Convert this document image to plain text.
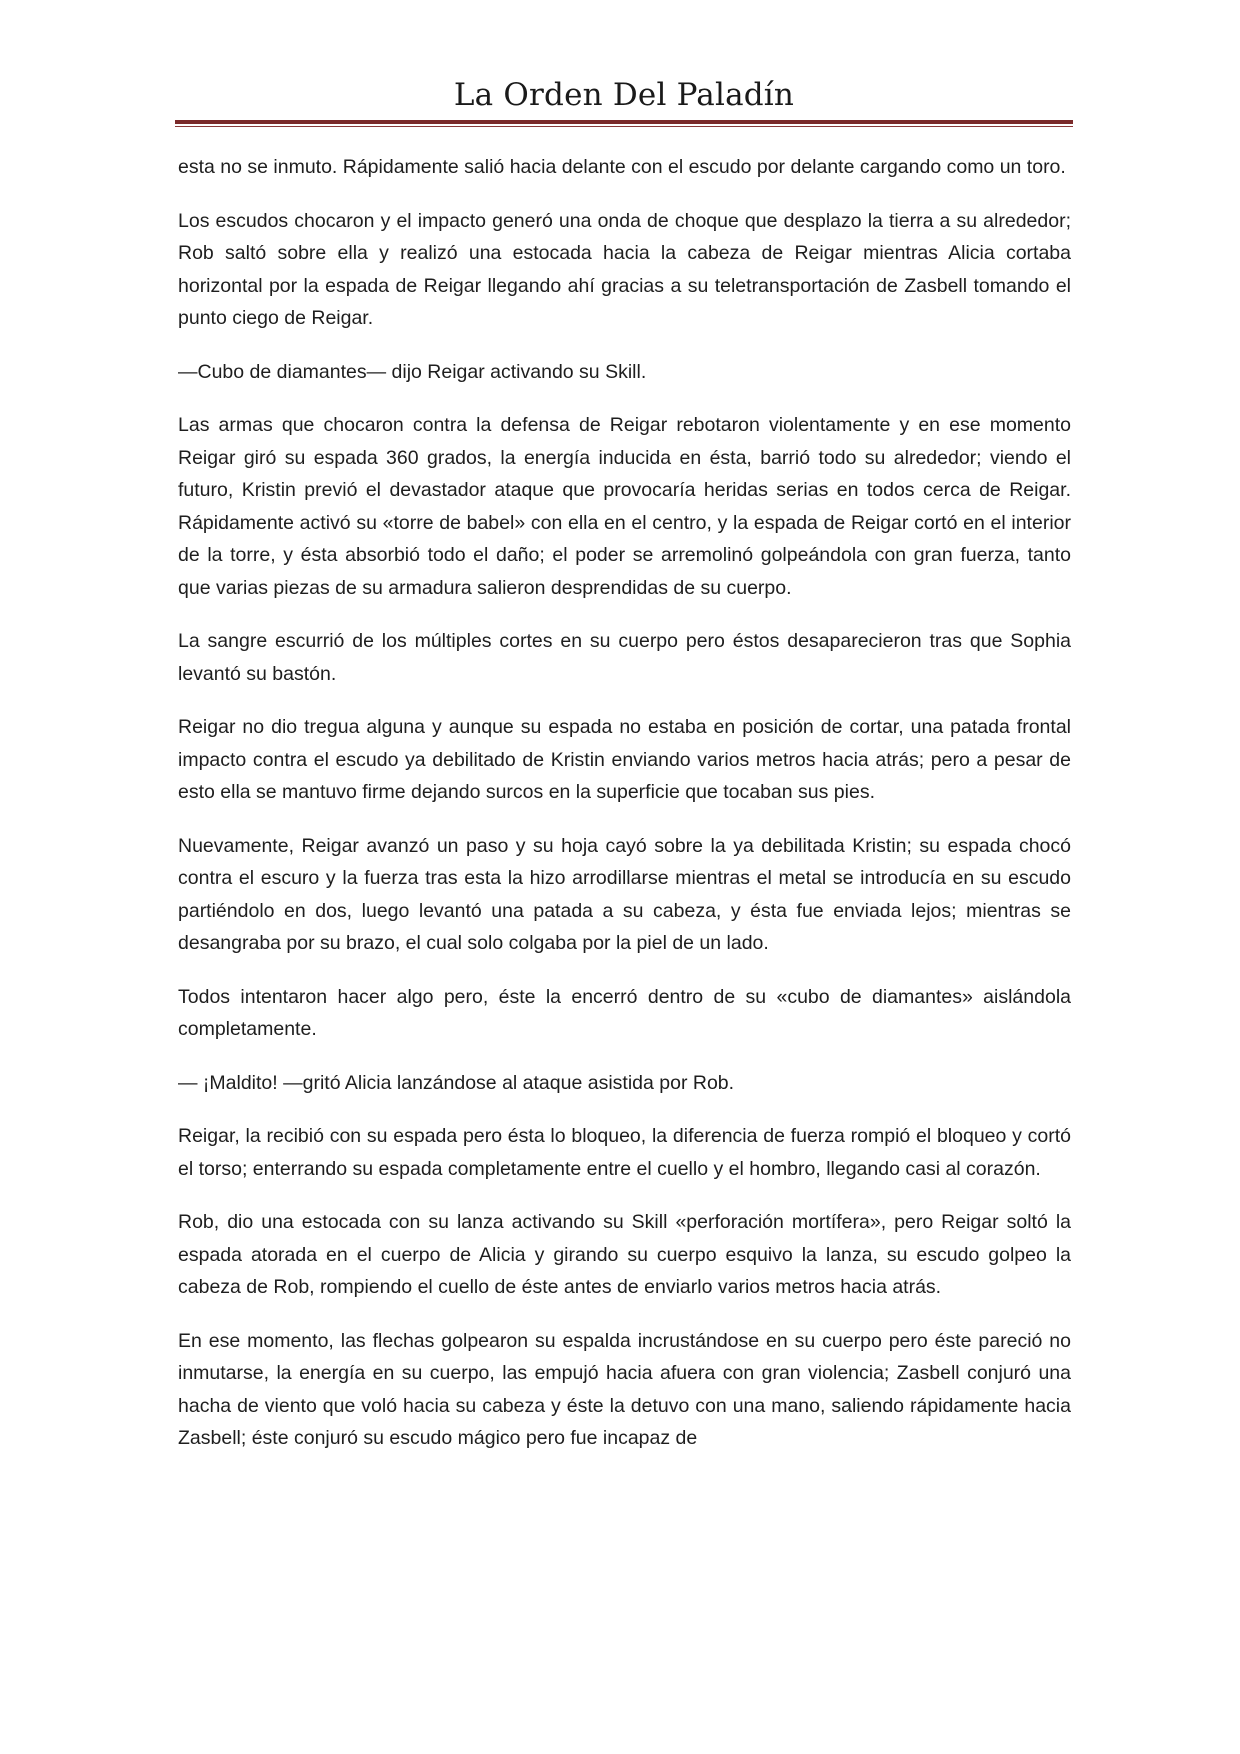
La Orden Del Paladín

esta no se inmuto. Rápidamente salió hacia delante con el escudo por delante cargando como un toro.

Los escudos chocaron y el impacto generó una onda de choque que desplazo la tierra a su alrededor; Rob saltó sobre ella y realizó una estocada hacia la cabeza de Reigar mientras Alicia cortaba horizontal por la espada de Reigar llegando ahí gracias a su teletransportación de Zasbell tomando el punto ciego de Reigar.

—Cubo de diamantes— dijo Reigar activando su Skill.

Las armas que chocaron contra la defensa de Reigar rebotaron violentamente y en ese momento Reigar giró su espada 360 grados, la energía inducida en ésta, barrió todo su alrededor; viendo el futuro, Kristin previó el devastador ataque que provocaría heridas serias en todos cerca de Reigar. Rápidamente activó su «torre de babel» con ella en el centro, y la espada de Reigar cortó en el interior de la torre, y ésta absorbió todo el daño; el poder se arremolinó golpeándola con gran fuerza, tanto que varias piezas de su armadura salieron desprendidas de su cuerpo.

La sangre escurrió de los múltiples cortes en su cuerpo pero éstos desaparecieron tras que Sophia levantó su bastón.

Reigar no dio tregua alguna y aunque su espada no estaba en posición de cortar, una patada frontal impacto contra el escudo ya debilitado de Kristin enviando varios metros hacia atrás; pero a pesar de esto ella se mantuvo firme dejando surcos en la superficie que tocaban sus pies.

Nuevamente, Reigar avanzó un paso y su hoja cayó sobre la ya debilitada Kristin; su espada chocó contra el escuro y la fuerza tras esta la hizo arrodillarse mientras el metal se introducía en su escudo partiéndolo en dos, luego levantó una patada a su cabeza, y ésta fue enviada lejos; mientras se desangraba por su brazo, el cual solo colgaba por la piel de un lado.

Todos intentaron hacer algo pero, éste la encerró dentro de su «cubo de diamantes» aislándola completamente.

— ¡Maldito! —gritó Alicia lanzándose al ataque asistida por Rob.

Reigar, la recibió con su espada pero ésta lo bloqueo, la diferencia de fuerza rompió el bloqueo y cortó el torso; enterrando su espada completamente entre el cuello y el hombro, llegando casi al corazón.

Rob, dio una estocada con su lanza activando su Skill «perforación mortífera», pero Reigar soltó la espada atorada en el cuerpo de Alicia y girando su cuerpo esquivo la lanza, su escudo golpeo la cabeza de Rob, rompiendo el cuello de éste antes de enviarlo varios metros hacia atrás.

En ese momento, las flechas golpearon su espalda incrustándose en su cuerpo pero éste pareció no inmutarse, la energía en su cuerpo, las empujó hacia afuera con gran violencia; Zasbell conjuró una hacha de viento que voló hacia su cabeza y éste la detuvo con una mano, saliendo rápidamente hacia Zasbell; éste conjuró su escudo mágico pero fue incapaz de
